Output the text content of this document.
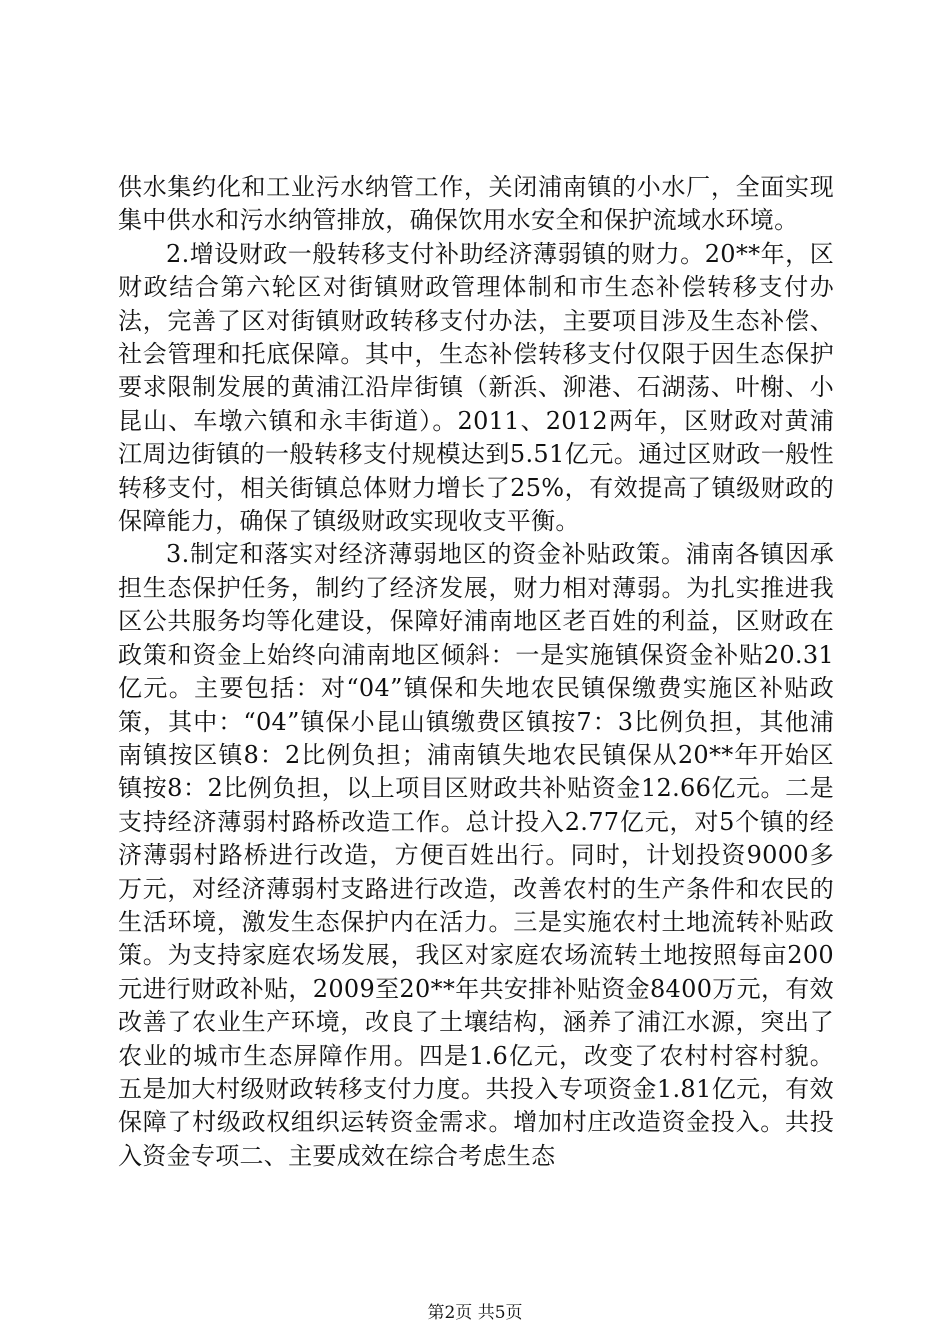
供水集约化和工业污水纳管工作，关闭浦南镇的小水厂，全面实现集中供水和污水纳管排放，确保饮用水安全和保护流域水环境。

2.增设财政一般转移支付补助经济薄弱镇的财力。20**年，区财政结合第六轮区对街镇财政管理体制和市生态补偿转移支付办法，完善了区对街镇财政转移支付办法，主要项目涉及生态补偿、社会管理和托底保障。其中，生态补偿转移支付仅限于因生态保护要求限制发展的黄浦江沿岸街镇（新浜、泖港、石湖荡、叶榭、小昆山、车墩六镇和永丰街道）。2011、2012两年，区财政对黄浦江周边街镇的一般转移支付规模达到5.51亿元。通过区财政一般性转移支付，相关街镇总体财力增长了25%，有效提高了镇级财政的保障能力，确保了镇级财政实现收支平衡。

3.制定和落实对经济薄弱地区的资金补贴政策。浦南各镇因承担生态保护任务，制约了经济发展，财力相对薄弱。为扎实推进我区公共服务均等化建设，保障好浦南地区老百姓的利益，区财政在政策和资金上始终向浦南地区倾斜：一是实施镇保资金补贴20.31亿元。主要包括：对“04”镇保和失地农民镇保缴费实施区补贴政策，其中：“04”镇保小昆山镇缴费区镇按7：3比例负担，其他浦南镇按区镇8：2比例负担；浦南镇失地农民镇保从20**年开始区镇按8：2比例负担，以上项目区财政共补贴资金12.66亿元。二是支持经济薄弱村路桥改造工作。总计投入2.77亿元，对5个镇的经济薄弱村路桥进行改造，方便百姓出行。同时，计划投资9000多万元，对经济薄弱村支路进行改造，改善农村的生产条件和农民的生活环境，激发生态保护内在活力。三是实施农村土地流转补贴政策。为支持家庭农场发展，我区对家庭农场流转土地按照每亩200元进行财政补贴，2009至20**年共安排补贴资金8400万元，有效改善了农业生产环境，改良了土壤结构，涵养了浦江水源，突出了农业的城市生态屏障作用。四是1.6亿元，改变了农村村容村貌。五是加大村级财政转移支付力度。共投入专项资金1.81亿元，有效保障了村级政权组织运转资金需求。增加村庄改造资金投入。共投入资金专项二、主要成效在综合考虑生态

第2页 共5页
